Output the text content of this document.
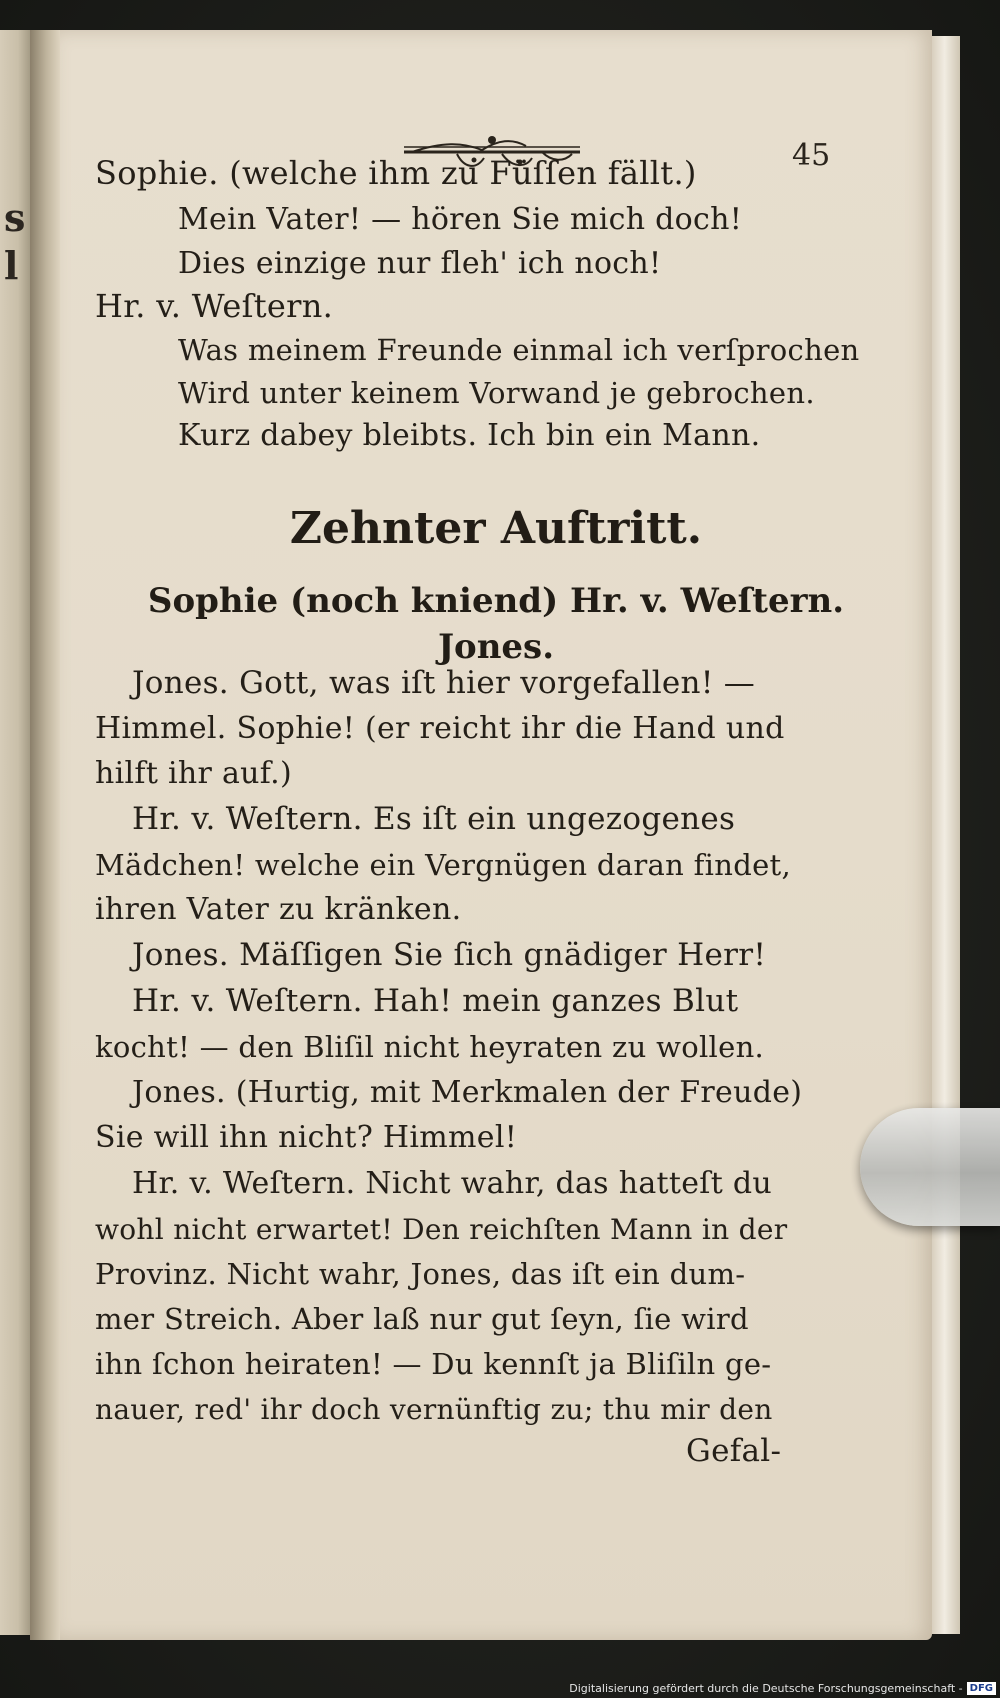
s
l
45
Sophie. (welche ihm zu Füſſen fällt.)
Mein Vater! — hören Sie mich doch!
Dies einzige nur fleh' ich noch!
Hr. v. Weſtern.
Was meinem Freunde einmal ich verſprochen
Wird unter keinem Vorwand je gebrochen.
Kurz dabey bleibts. Ich bin ein Mann.
Jones. Gott, was iſt hier vorgefallen! —
Himmel. Sophie! (er reicht ihr die Hand und
hilft ihr auf.)
Hr. v. Weſtern. Es iſt ein ungezogenes
Mädchen! welche ein Vergnügen daran findet,
ihren Vater zu kränken.
Jones. Mäſſigen Sie ſich gnädiger Herr!
Hr. v. Weſtern. Hah! mein ganzes Blut
kocht! — den Bliſil nicht heyraten zu wollen.
Jones. (Hurtig, mit Merkmalen der Freude)
Sie will ihn nicht? Himmel!
Hr. v. Weſtern. Nicht wahr, das hatteſt du
wohl nicht erwartet! Den reichſten Mann in der
Provinz. Nicht wahr, Jones, das iſt ein dum-
mer Streich. Aber laß nur gut ſeyn, ſie wird
ihn ſchon heiraten! — Du kennſt ja Bliſiln ge-
nauer, red' ihr doch vernünftig zu; thu mir den
Gefal-
Zehnter Auftritt.
Sophie (noch kniend) Hr. v. Weſtern.
Jones.
Digitalisierung gefördert durch die Deutsche Forschungsgemeinschaft - DFG
